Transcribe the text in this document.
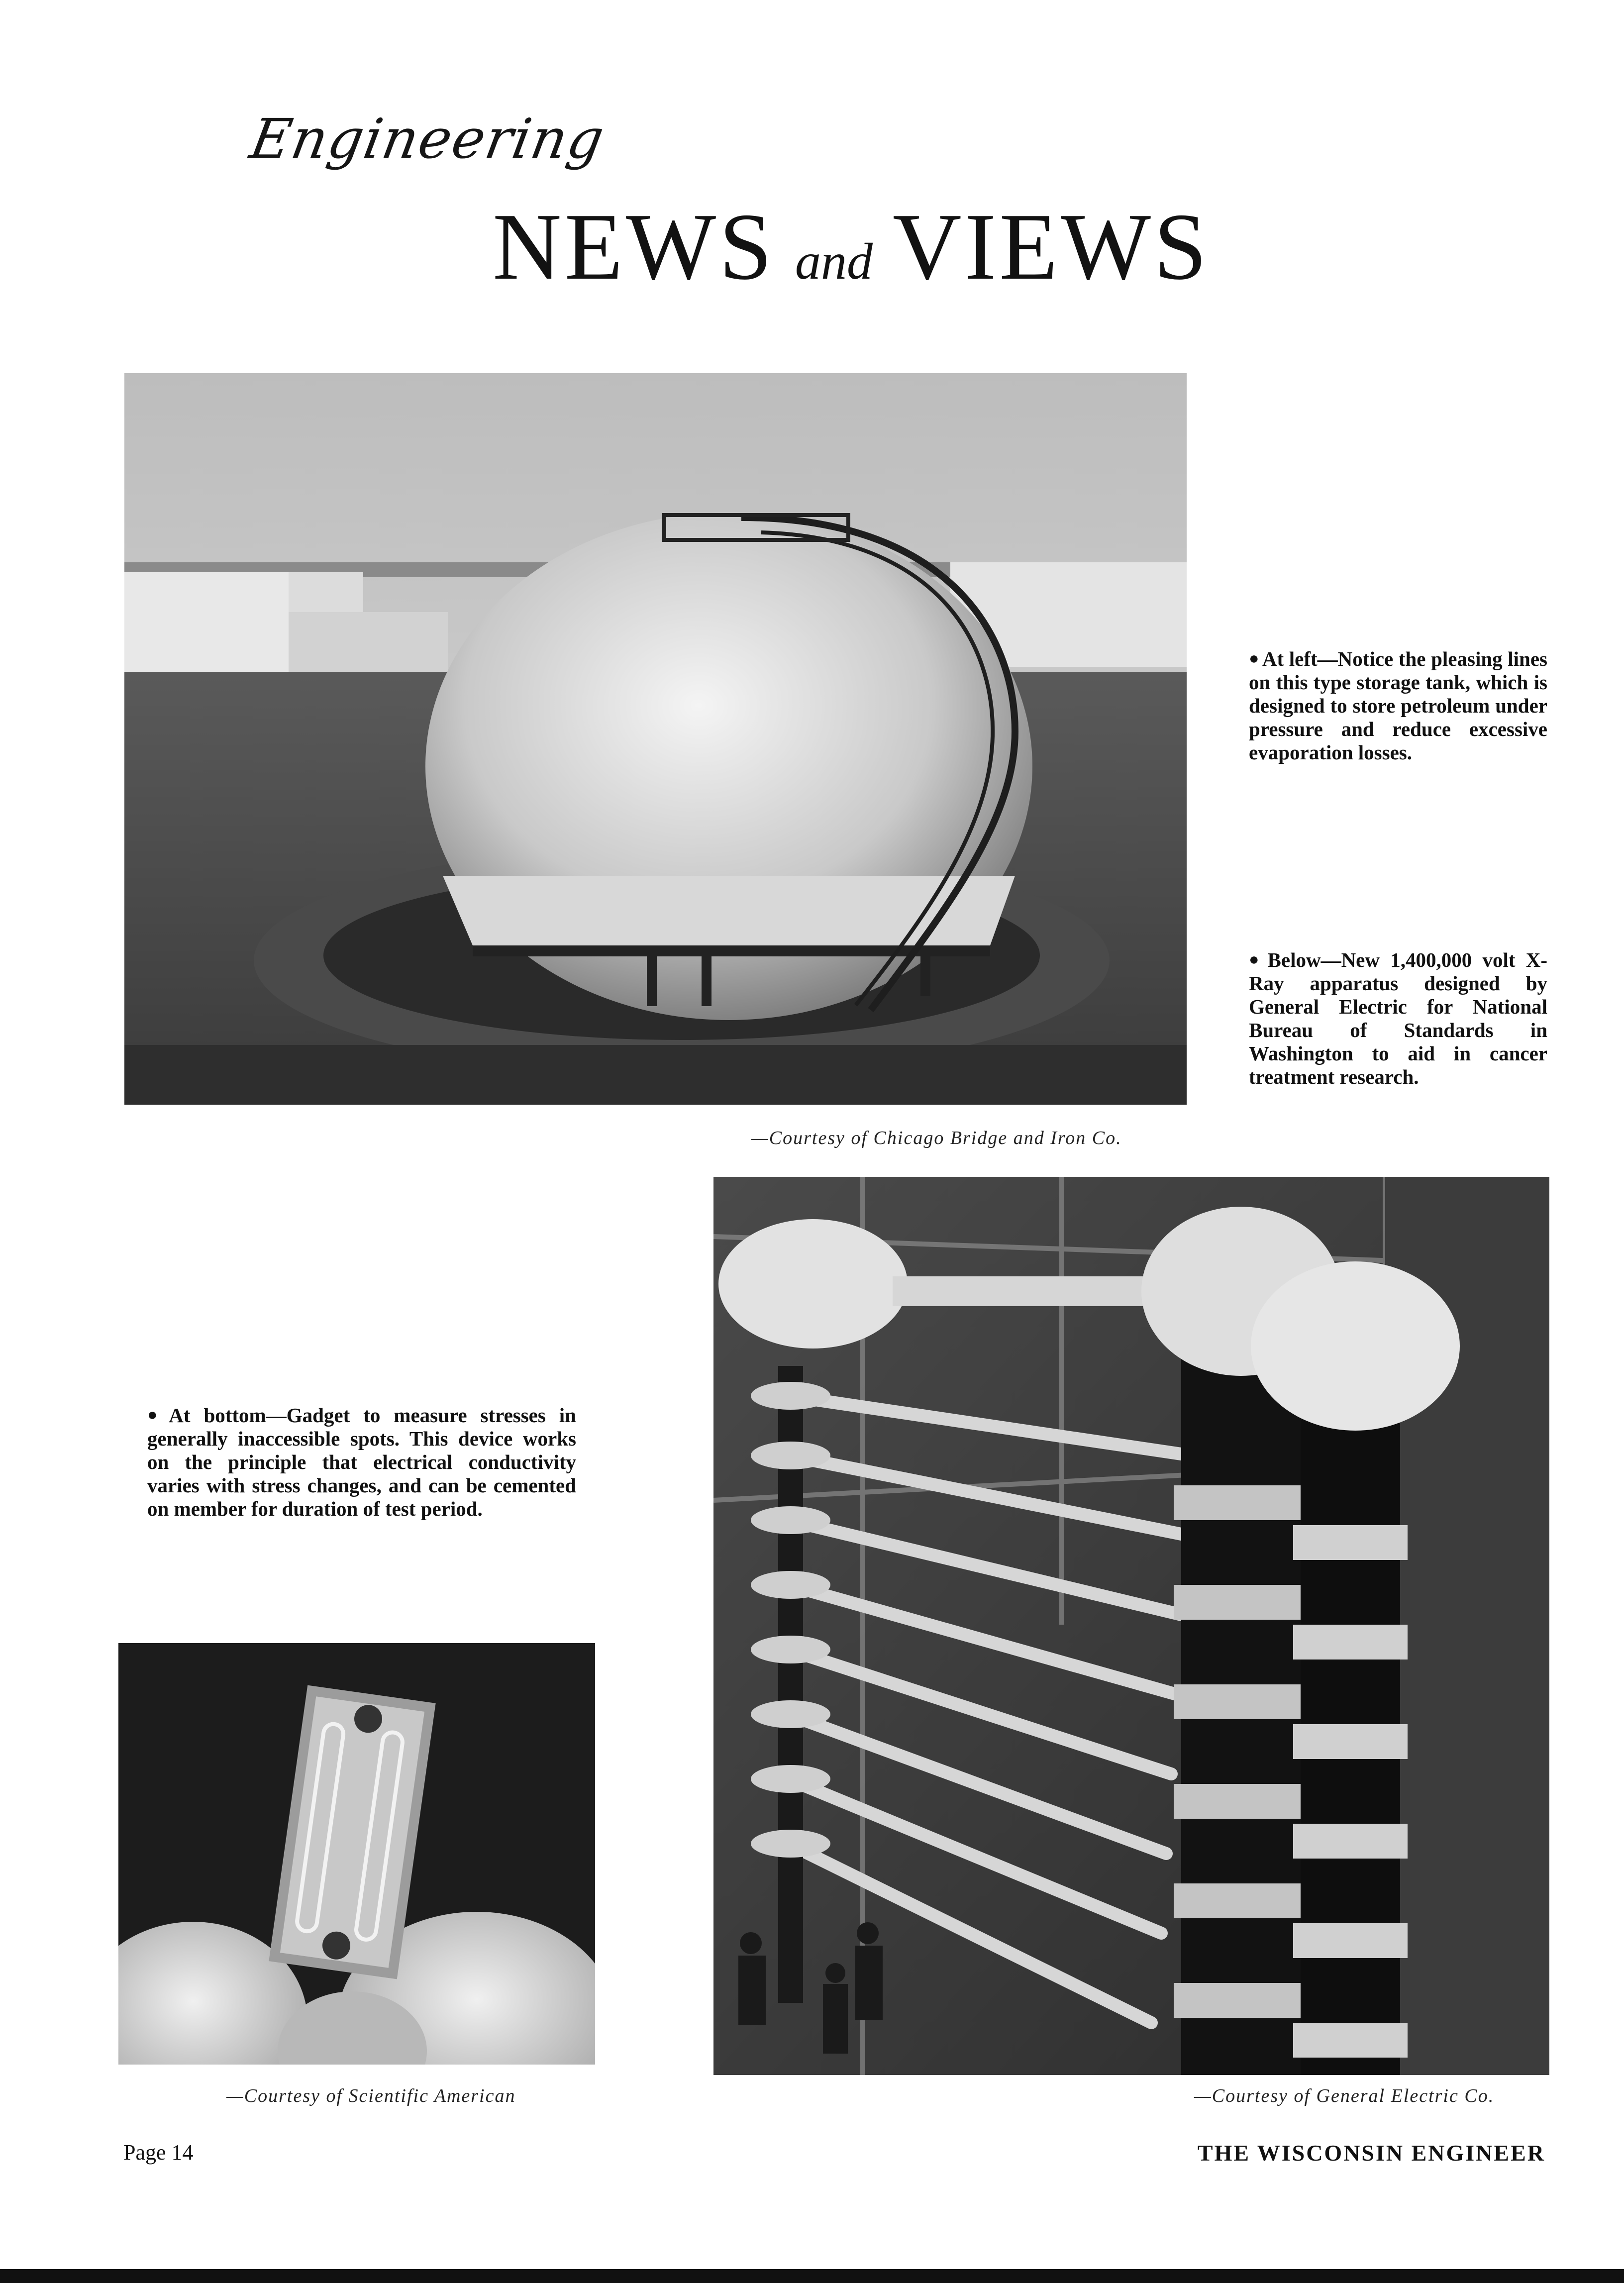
Engineering
NEWS and VIEWS
—Courtesy of Chicago Bridge and Iron Co.
● At left—Notice the pleasing lines on this type storage tank, which is designed to store petroleum under pressure and reduce excessive evaporation losses.
● Below—New 1,400,000 volt X-Ray apparatus designed by General Electric for National Bureau of Standards in Washington to aid in cancer treatment research.
● At bottom—Gadget to measure stresses in generally inaccessible spots. This device works on the principle that electrical conductivity varies with stress changes, and can be cemented on member for duration of test period.
—Courtesy of General Electric Co.
—Courtesy of Scientific American
Page 14	THE WISCONSIN ENGINEER
